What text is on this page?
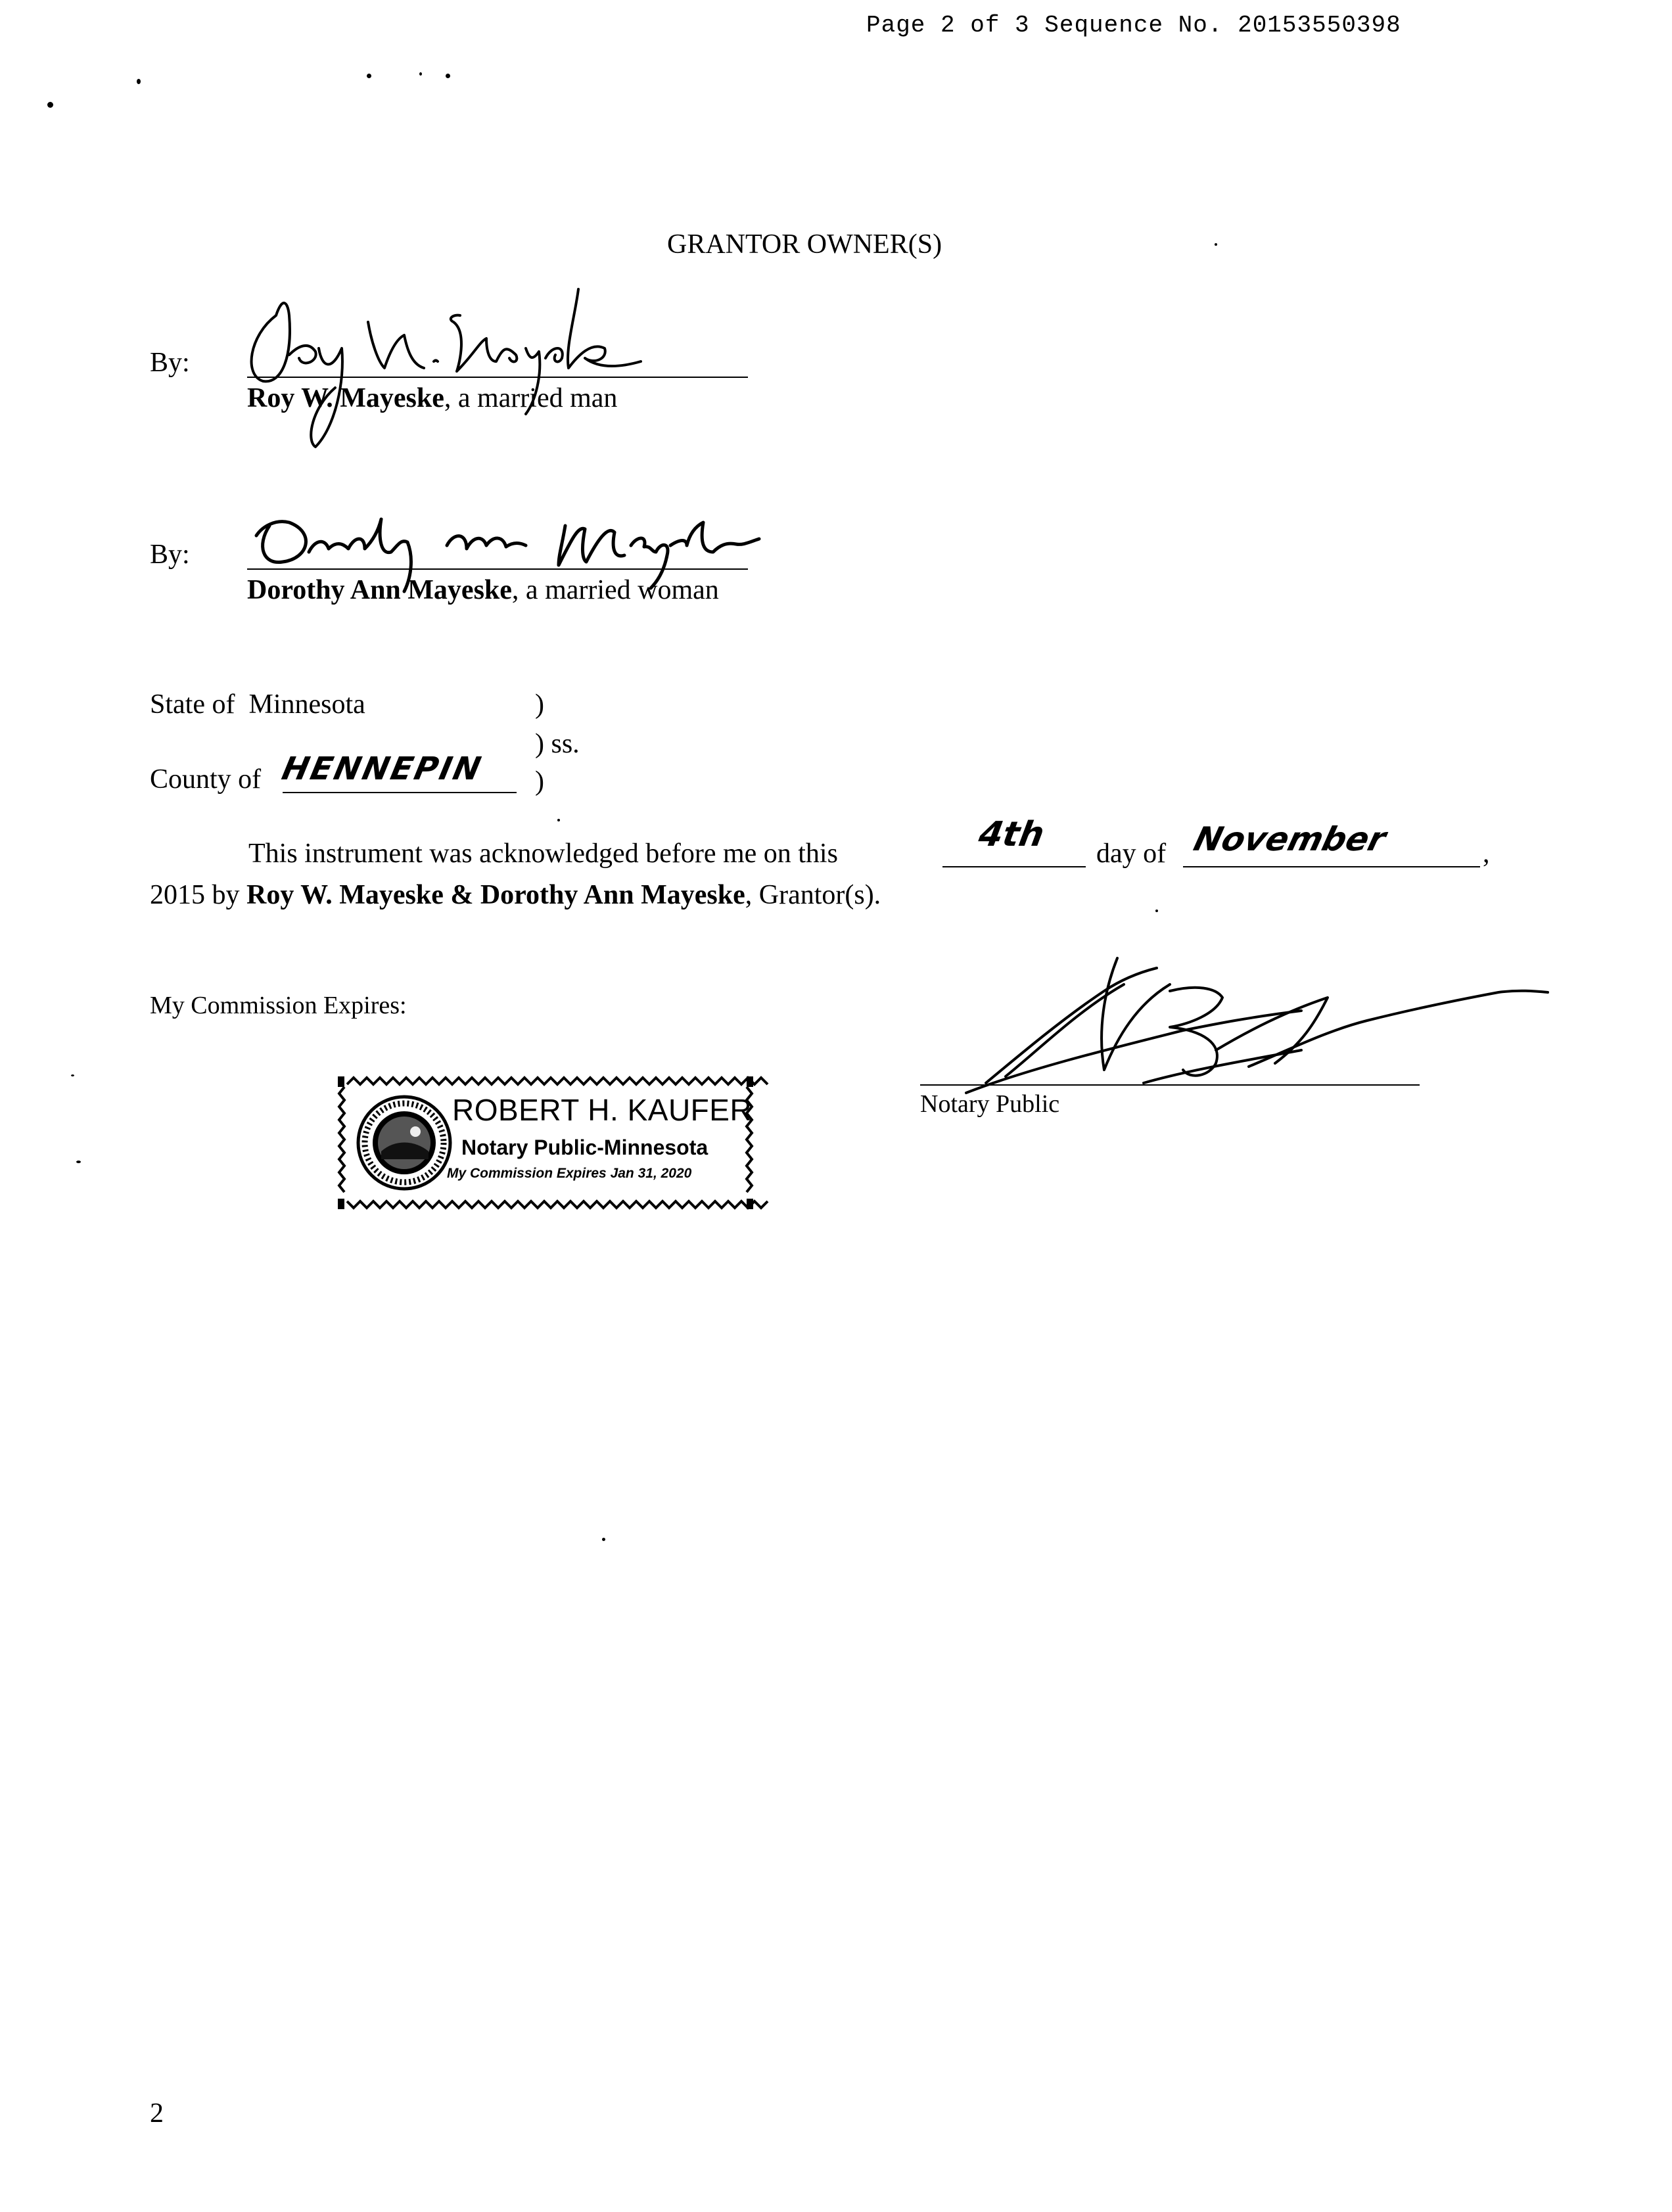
Page 2 of 3 Sequence No. 20153550398
GRANTOR OWNER(S)
By:
Roy W. Mayeske, a married man
By:
Dorothy Ann Mayeske, a married woman
State of Minnesota	)
) ss.
County of HENNEPIN )
This instrument was acknowledged before me on this	4th day of November	,
2015 by Roy W. Mayeske & Dorothy Ann Mayeske, Grantor(s).
My Commission Expires:
Notary Public
ROBERT H. KAUFER
Notary Public-Minnesota
My Commission Expires Jan 31, 2020
2
